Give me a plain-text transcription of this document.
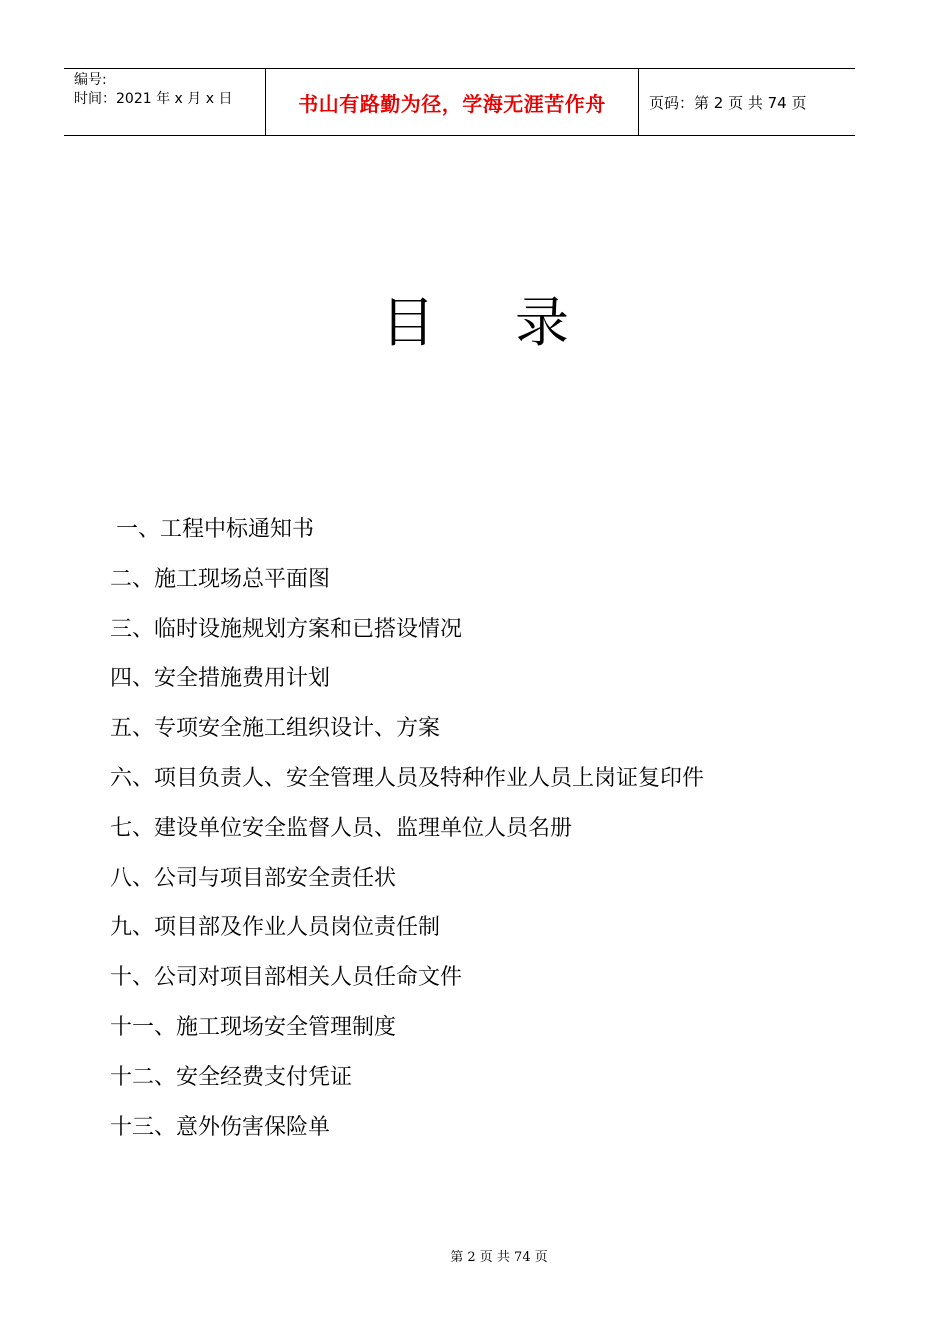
编号:
时间：2021 年 x 月 x 日	书山有路勤为径，学海无涯苦作舟	页码：第 2 页 共 74 页
目 录
一、工程中标通知书
二、施工现场总平面图
三、临时设施规划方案和已搭设情况
四、安全措施费用计划
五、专项安全施工组织设计、方案
六、项目负责人、安全管理人员及特种作业人员上岗证复印件
七、建设单位安全监督人员、监理单位人员名册
八、公司与项目部安全责任状
九、项目部及作业人员岗位责任制
十、公司对项目部相关人员任命文件
十一、施工现场安全管理制度
十二、安全经费支付凭证
十三、意外伤害保险单
第 2 页 共 74 页
